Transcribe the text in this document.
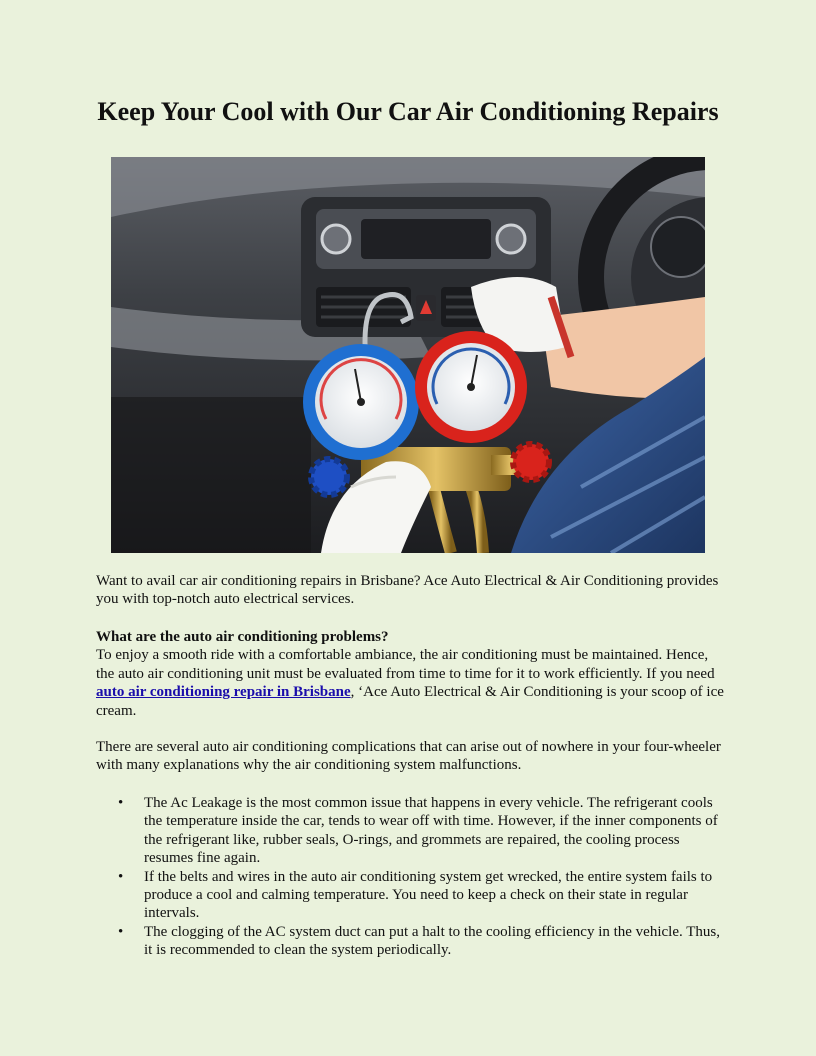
Keep Your Cool with Our Car Air Conditioning Repairs

Want to avail car air conditioning repairs in Brisbane? Ace Auto Electrical & Air Conditioning provides you with top-notch auto electrical services.

What are the auto air conditioning problems?
To enjoy a smooth ride with a comfortable ambiance, the air conditioning must be maintained. Hence, the auto air conditioning unit must be evaluated from time to time for it to work efficiently. If you need auto air conditioning repair in Brisbane, ‘Ace Auto Electrical & Air Conditioning is your scoop of ice cream.

There are several auto air conditioning complications that can arise out of nowhere in your four-wheeler with many explanations why the air conditioning system malfunctions.

• The Ac Leakage is the most common issue that happens in every vehicle. The refrigerant cools the temperature inside the car, tends to wear off with time. However, if the inner components of the refrigerant like, rubber seals, O-rings, and grommets are repaired, the cooling process resumes fine again.
• If the belts and wires in the auto air conditioning system get wrecked, the entire system fails to produce a cool and calming temperature. You need to keep a check on their state in regular intervals.
• The clogging of the AC system duct can put a halt to the cooling efficiency in the vehicle. Thus, it is recommended to clean the system periodically.
